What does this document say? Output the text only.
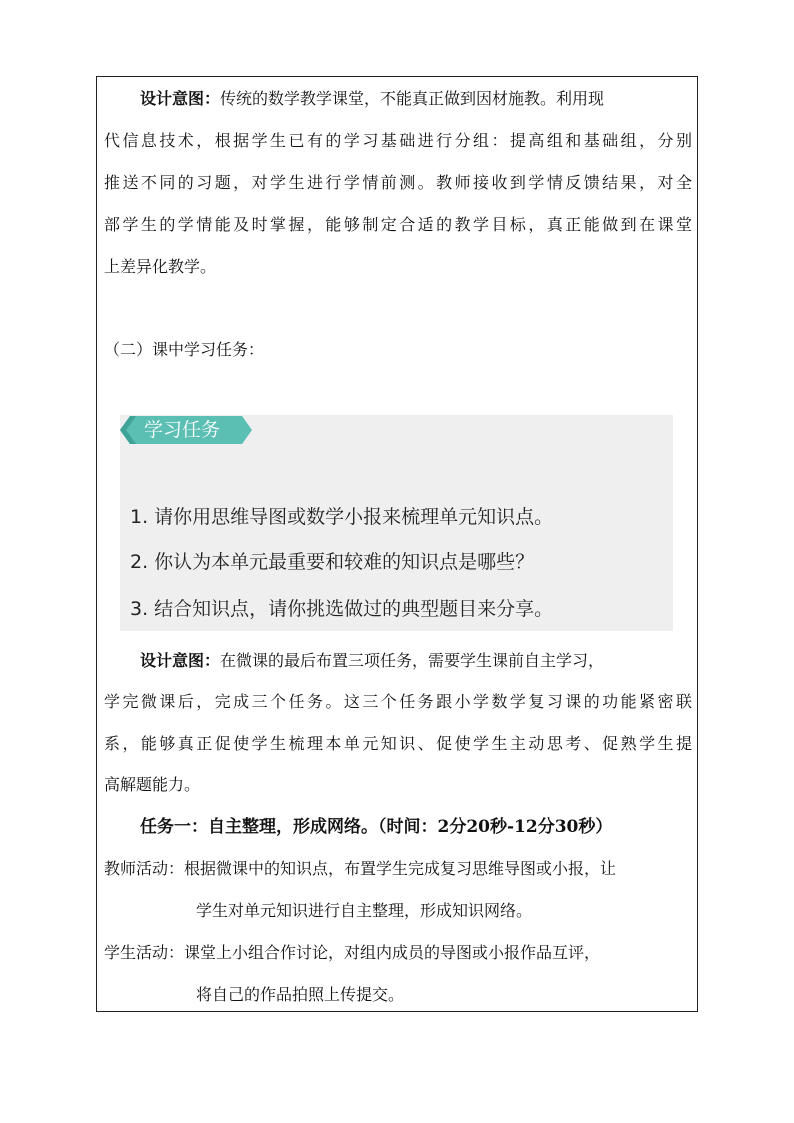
设计意图：传统的数学教学课堂，不能真正做到因材施教。利用现
代信息技术，根据学生已有的学习基础进行分组：提高组和基础组，分别
推送不同的习题，对学生进行学情前测。教师接收到学情反馈结果，对全
部学生的学情能及时掌握，能够制定合适的教学目标，真正能做到在课堂
上差异化教学。
（二）课中学习任务：
学习任务
1. 请你用思维导图或数学小报来梳理单元知识点。
2. 你认为本单元最重要和较难的知识点是哪些？
3. 结合知识点，请你挑选做过的典型题目来分享。
设计意图：在微课的最后布置三项任务，需要学生课前自主学习，
学完微课后，完成三个任务。这三个任务跟小学数学复习课的功能紧密联
系，能够真正促使学生梳理本单元知识、促使学生主动思考、促熟学生提
高解题能力。
任务一：自主整理，形成网络。（时间：2分20秒-12分30秒）
教师活动：根据微课中的知识点，布置学生完成复习思维导图或小报，让
学生对单元知识进行自主整理，形成知识网络。
学生活动：课堂上小组合作讨论，对组内成员的导图或小报作品互评，
将自己的作品拍照上传提交。
